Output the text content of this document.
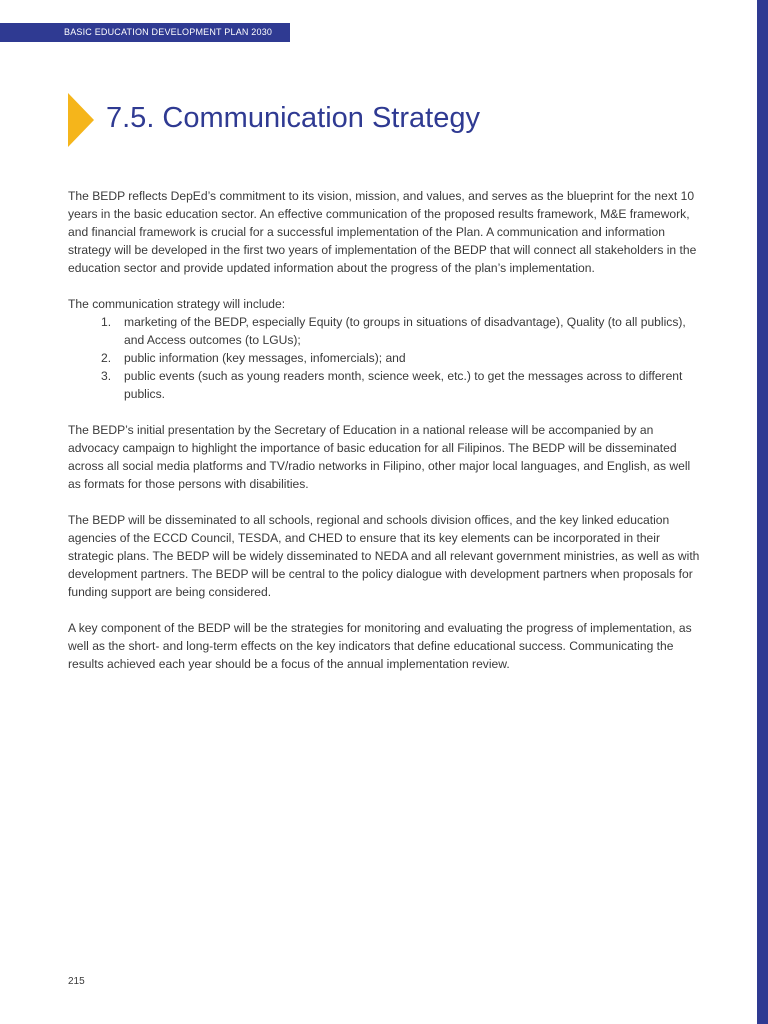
BASIC EDUCATION DEVELOPMENT PLAN 2030
7.5. Communication Strategy

The BEDP reflects DepEd’s commitment to its vision, mission, and values, and serves as the blueprint for the next 10 years in the basic education sector. An effective communication of the proposed results framework, M&E framework, and financial framework is crucial for a successful implementation of the Plan. A communication and information strategy will be developed in the first two years of implementation of the BEDP that will connect all stakeholders in the education sector and provide updated information about the progress of the plan’s implementation.

The communication strategy will include:

1. marketing of the BEDP, especially Equity (to groups in situations of disadvantage), Quality (to all publics), and Access outcomes (to LGUs);
2. public information (key messages, infomercials); and
3. public events (such as young readers month, science week, etc.) to get the messages across to different publics.

The BEDP’s initial presentation by the Secretary of Education in a national release will be accompanied by an advocacy campaign to highlight the importance of basic education for all Filipinos. The BEDP will be disseminated across all social media platforms and TV/radio networks in Filipino, other major local languages, and English, as well as formats for those persons with disabilities.

The BEDP will be disseminated to all schools, regional and schools division offices, and the key linked education agencies of the ECCD Council, TESDA, and CHED to ensure that its key elements can be incorporated in their strategic plans. The BEDP will be widely disseminated to NEDA and all relevant government ministries, as well as with development partners. The BEDP will be central to the policy dialogue with development partners when proposals for funding support are being considered.

A key component of the BEDP will be the strategies for monitoring and evaluating the progress of implementation, as well as the short- and long-term effects on the key indicators that define educational success. Communicating the results achieved each year should be a focus of the annual implementation review.

215
